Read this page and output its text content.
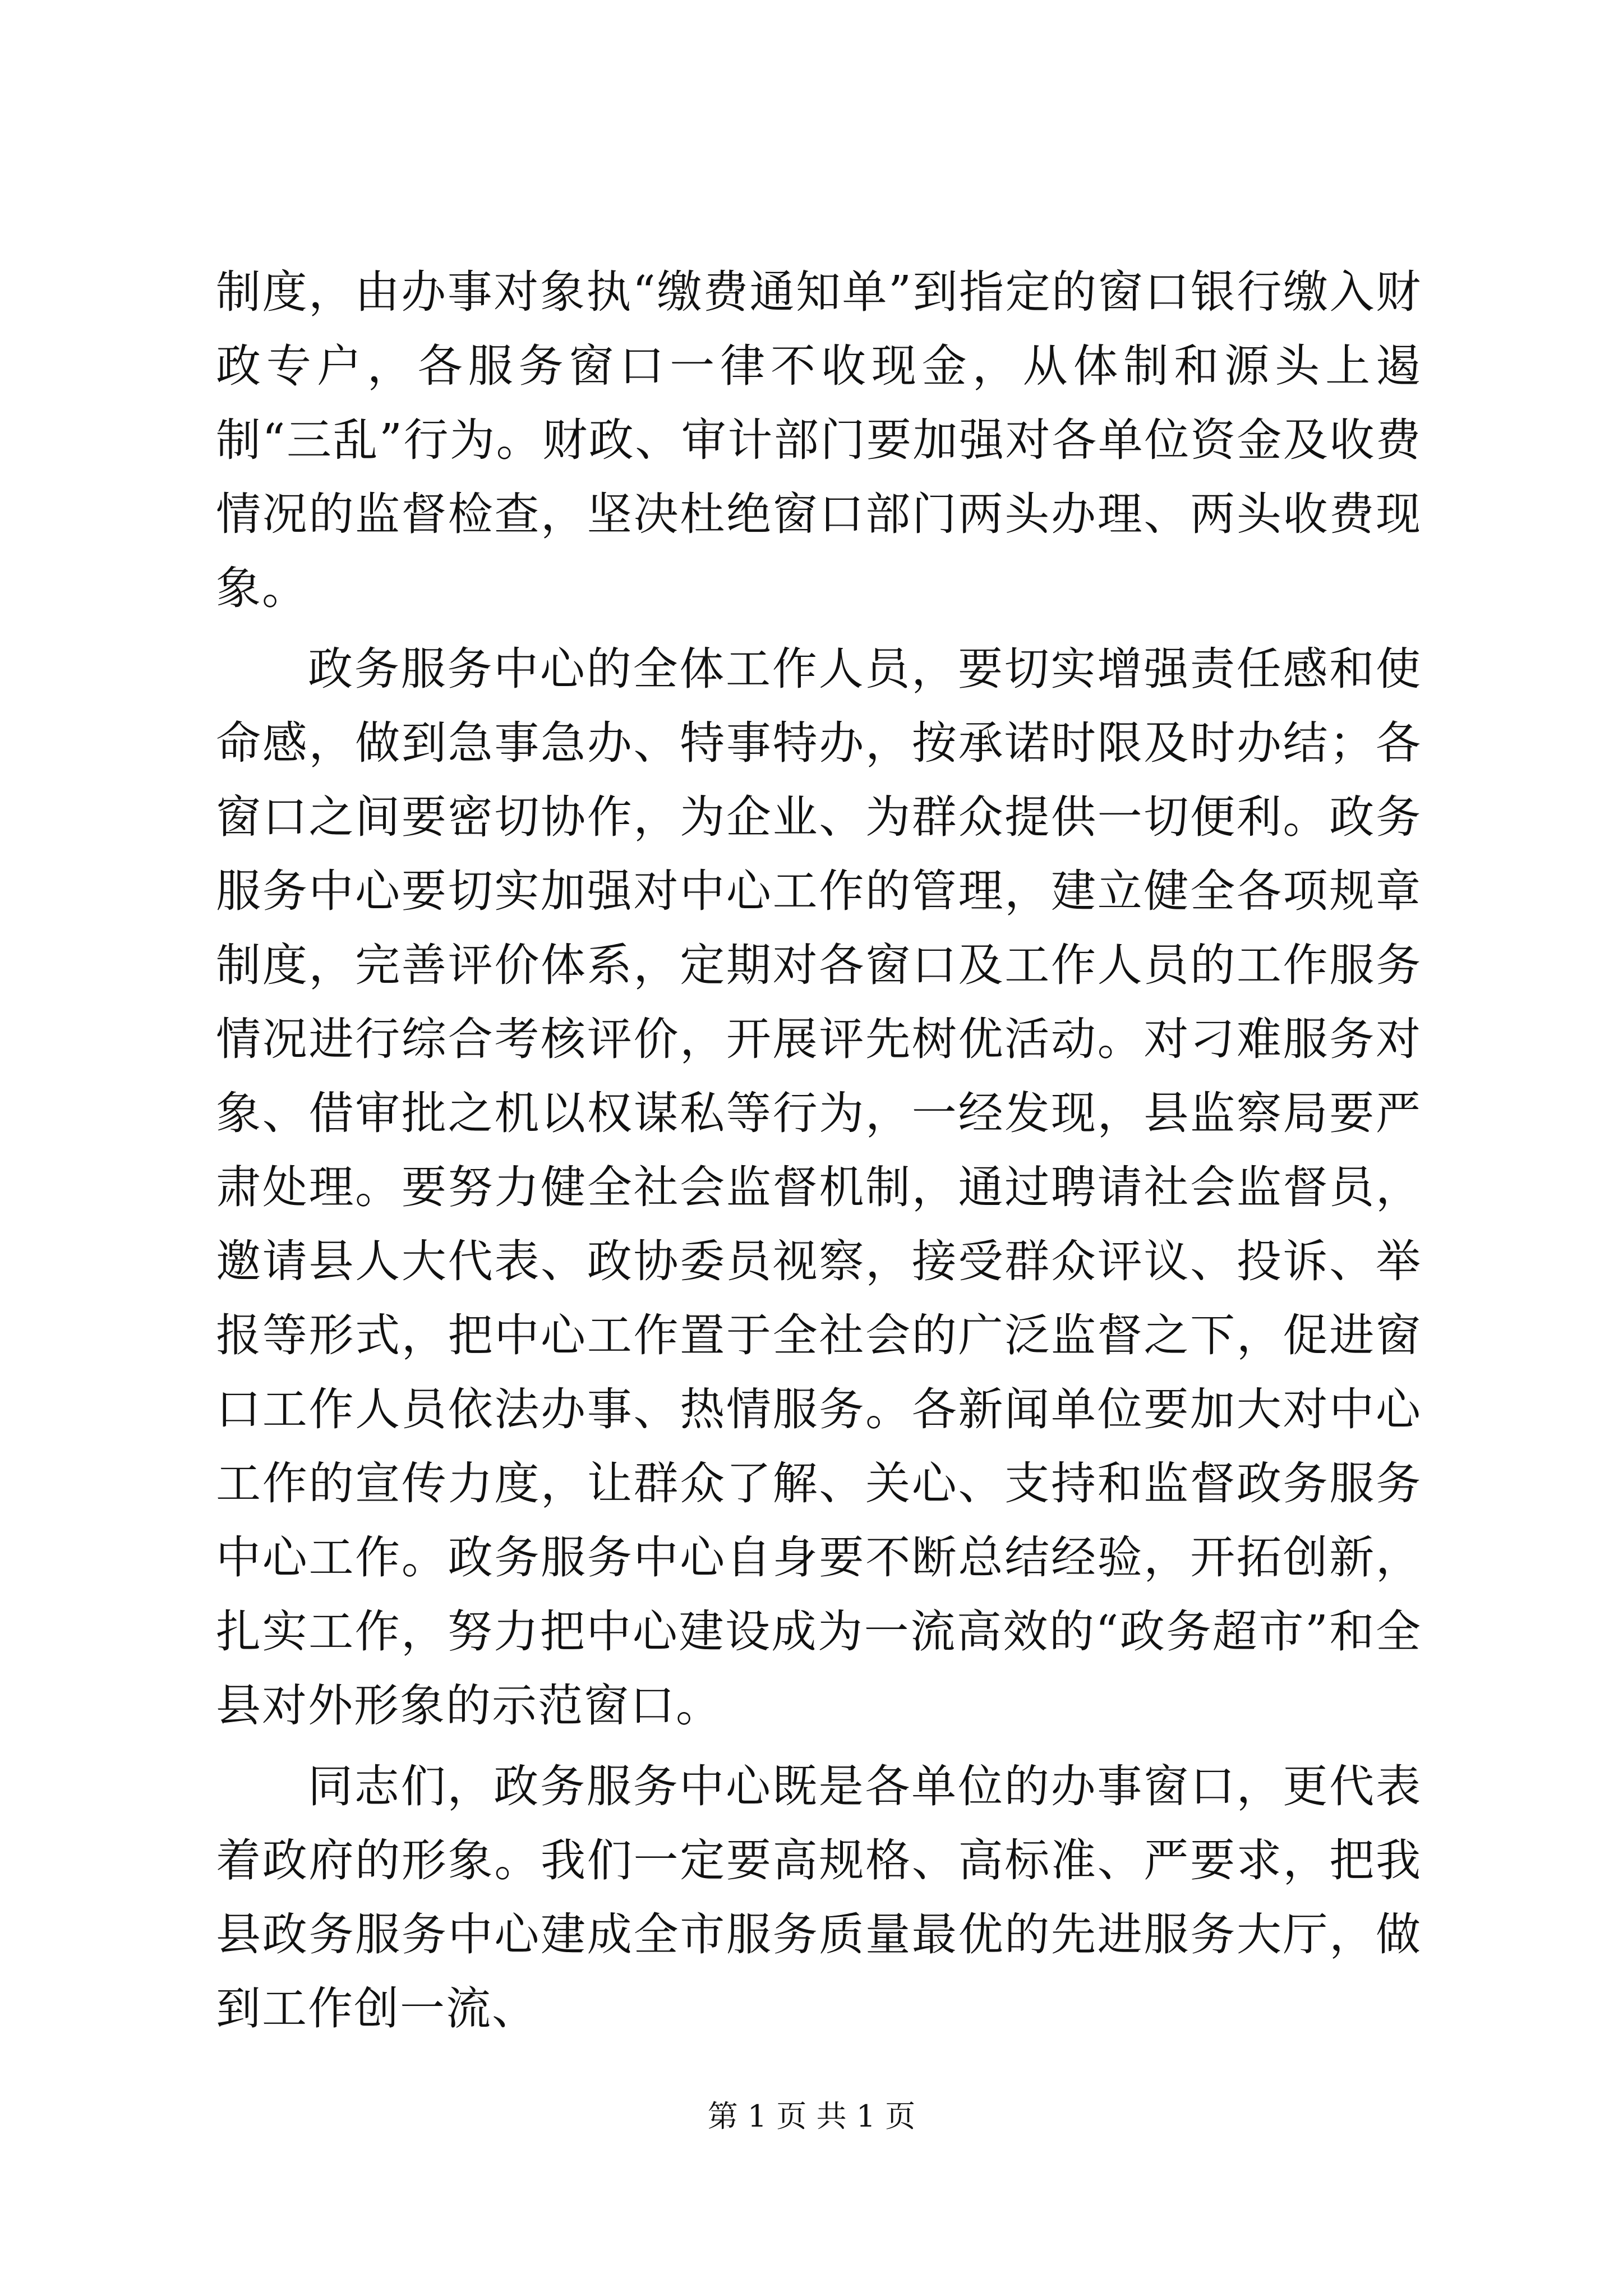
制度，由办事对象执“缴费通知单”到指定的窗口银行缴入财政专户，各服务窗口一律不收现金，从体制和源头上遏制“三乱”行为。财政、审计部门要加强对各单位资金及收费情况的监督检查，坚决杜绝窗口部门两头办理、两头收费现象。

政务服务中心的全体工作人员，要切实增强责任感和使命感，做到急事急办、特事特办，按承诺时限及时办结；各窗口之间要密切协作，为企业、为群众提供一切便利。政务服务中心要切实加强对中心工作的管理，建立健全各项规章制度，完善评价体系，定期对各窗口及工作人员的工作服务情况进行综合考核评价，开展评先树优活动。对刁难服务对象、借审批之机以权谋私等行为，一经发现，县监察局要严肃处理。要努力健全社会监督机制，通过聘请社会监督员，邀请县人大代表、政协委员视察，接受群众评议、投诉、举报等形式，把中心工作置于全社会的广泛监督之下，促进窗口工作人员依法办事、热情服务。各新闻单位要加大对中心工作的宣传力度，让群众了解、关心、支持和监督政务服务中心工作。政务服务中心自身要不断总结经验，开拓创新，扎实工作，努力把中心建设成为一流高效的“政务超市”和全县对外形象的示范窗口。

同志们，政务服务中心既是各单位的办事窗口，更代表着政府的形象。我们一定要高规格、高标准、严要求，把我县政务服务中心建成全市服务质量最优的先进服务大厅，做到工作创一流、

第 1 页 共 1 页
